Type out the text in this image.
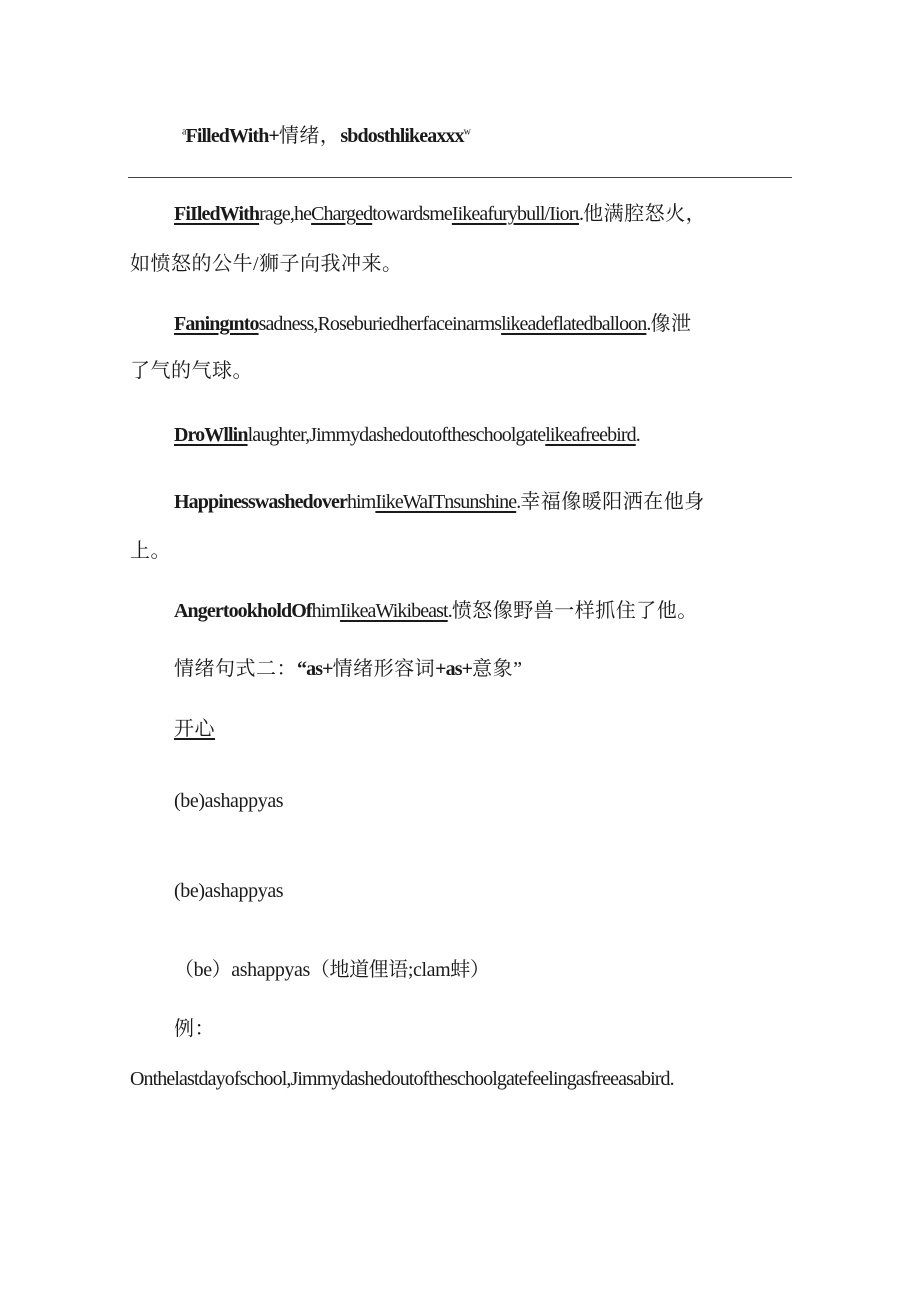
$^a$FilledWith+情绪，sbdosthlikeaxxx$^w$
FiIledWithrage,heChargedtowardsmeIikeafurybull/Iiorι.他满腔怒火，
如愤怒的公牛/狮子向我冲来。
Faningɪntosadness,Roseburiedherfaceinarmslikeadeflatedballoon.像泄
了气的气球。
DroWllinlaughter,Jimmydashedoutoftheschoolgatelikeafreebird.
HappinesswashedoverhimIikeWaITnsunshine.幸福像暖阳洒在他身
上。
AngertookholdOfhimIikeaWikibeast.愤怒像野兽一样抓住了他。
情绪句式二：“as+情绪形容词+as+意象”
开心
(be)ashappyas
(be)ashappyas
（be）ashappyas（地道俚语;clam蚌）
例：
Onthelastdayofschool,Jimmydashedoutoftheschoolgatefeelingasfreeasabird.
